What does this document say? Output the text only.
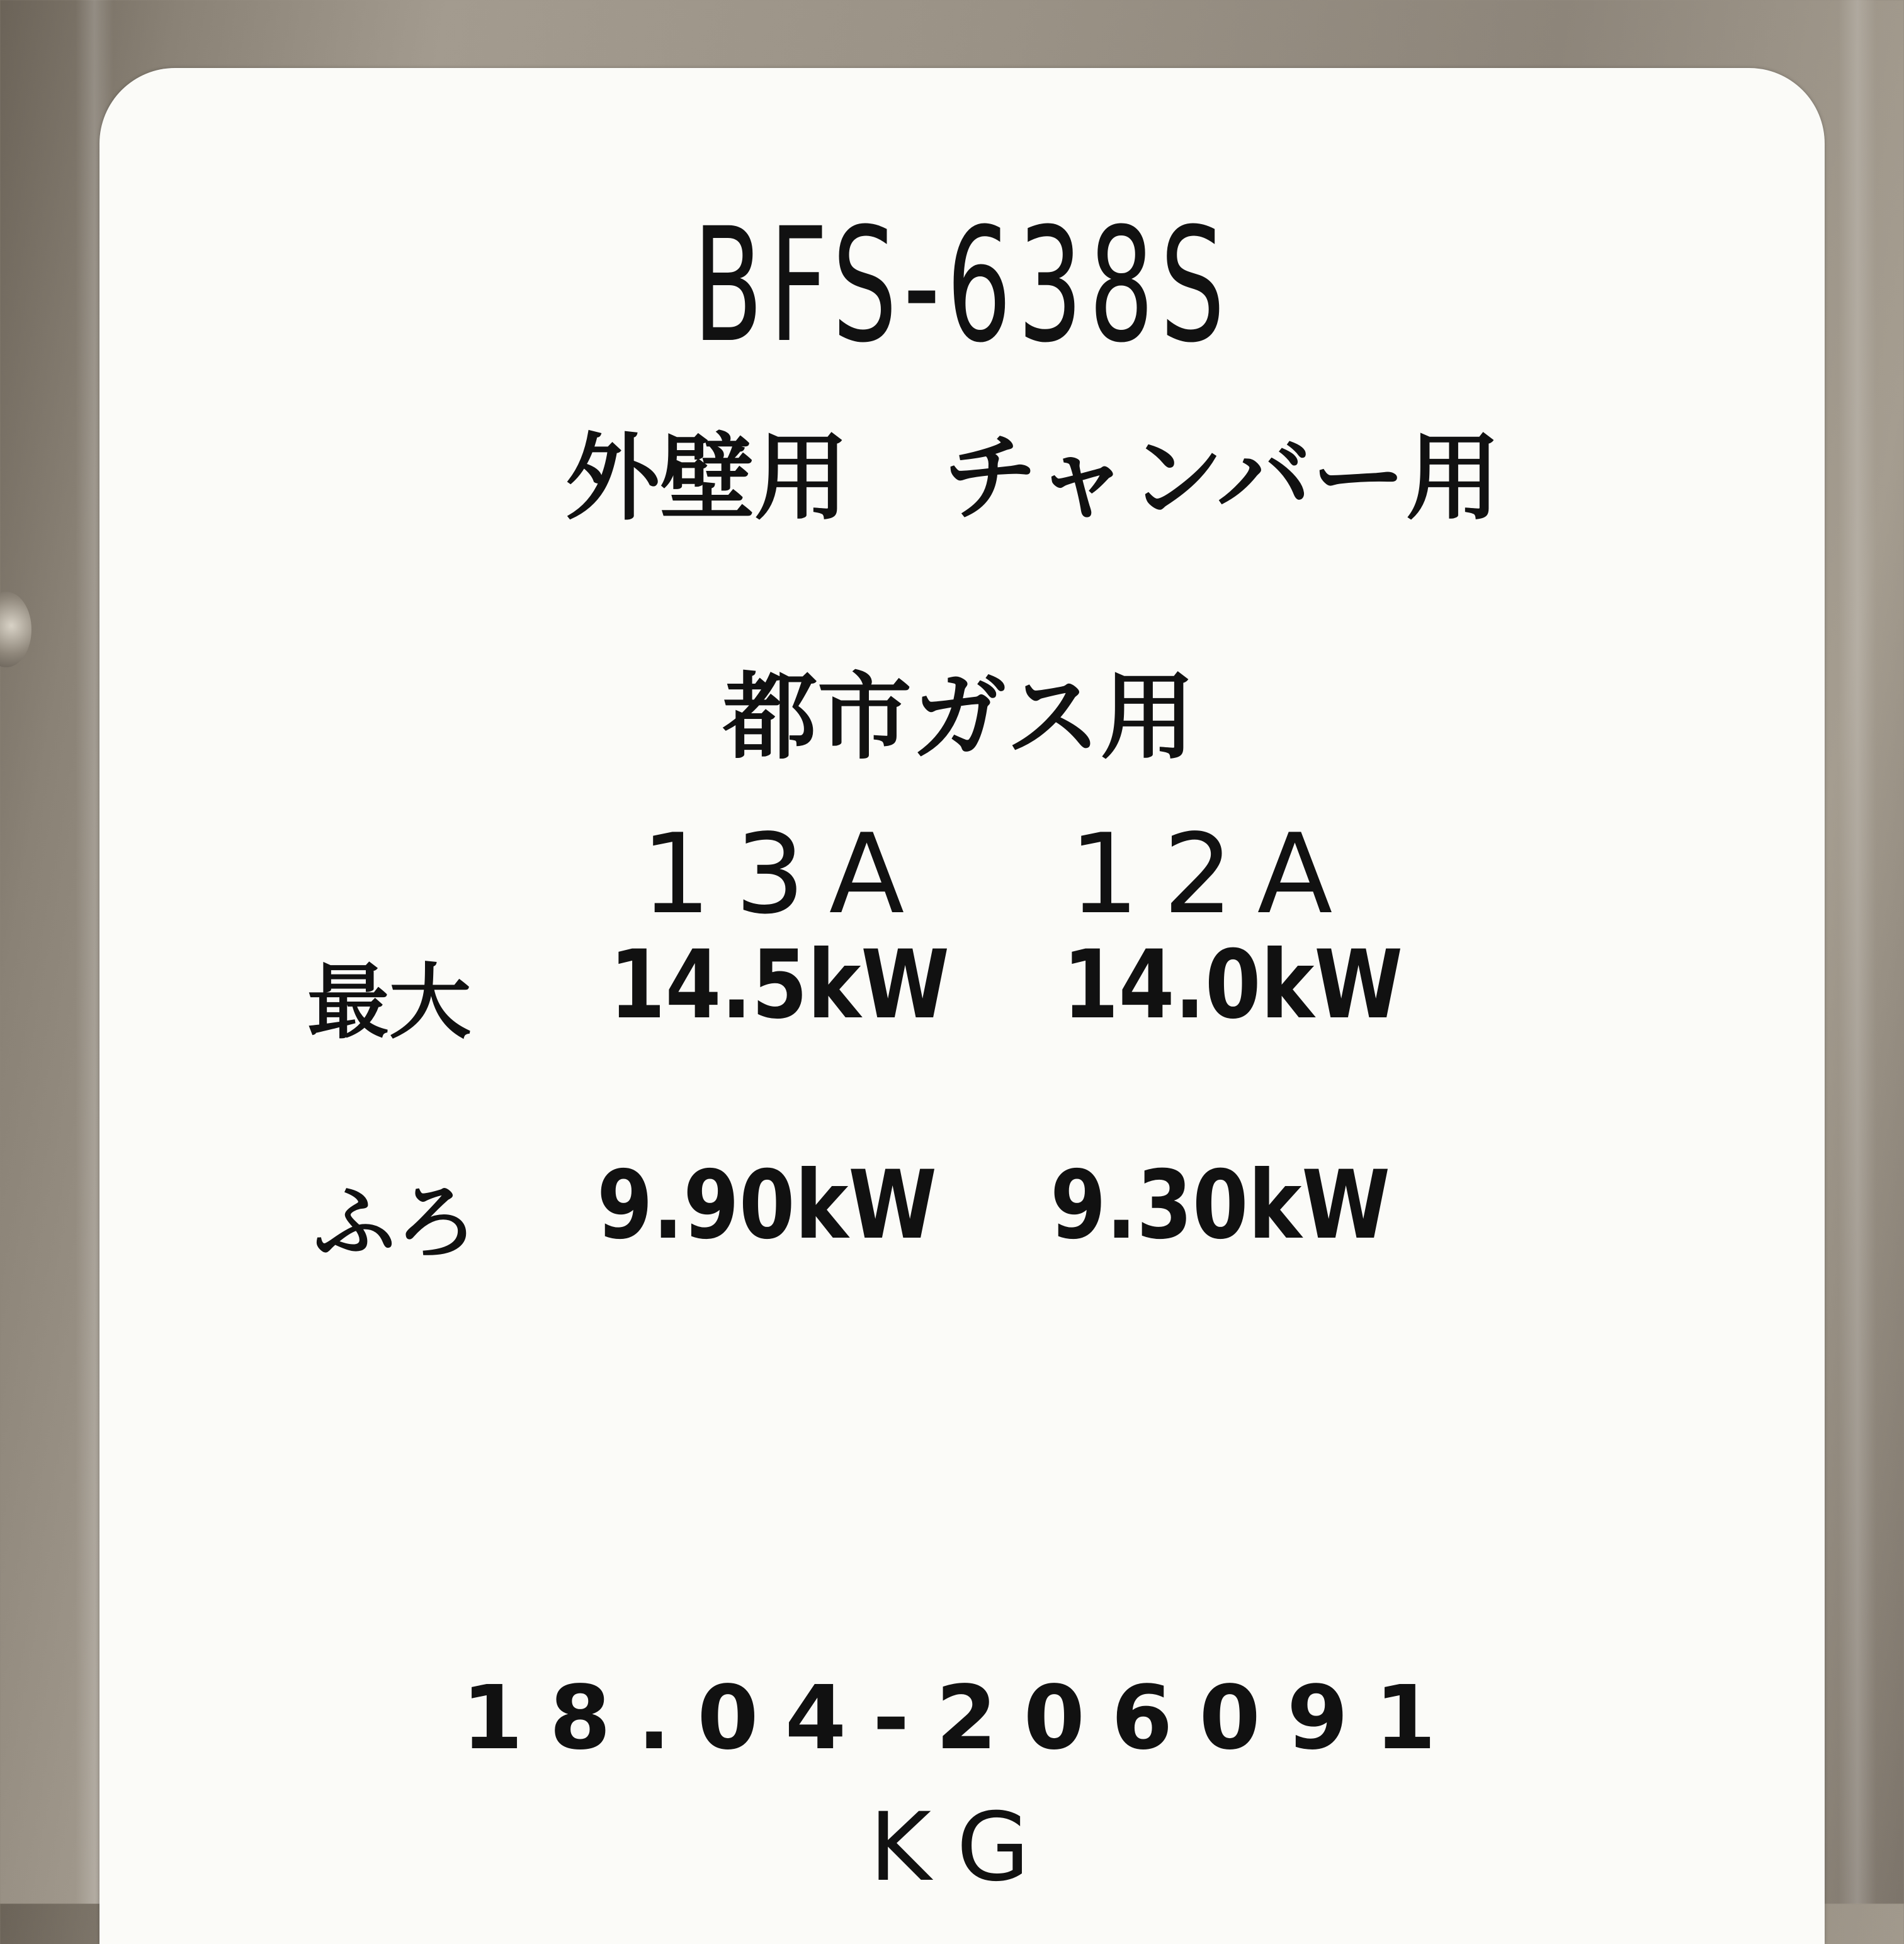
BFS-638S
外壁用 チャンバー用
都市ガス用
13A 12A
最大 14.5kW 14.0kW
ふろ 9.90kW 9.30kW
18.04-206091
KG
